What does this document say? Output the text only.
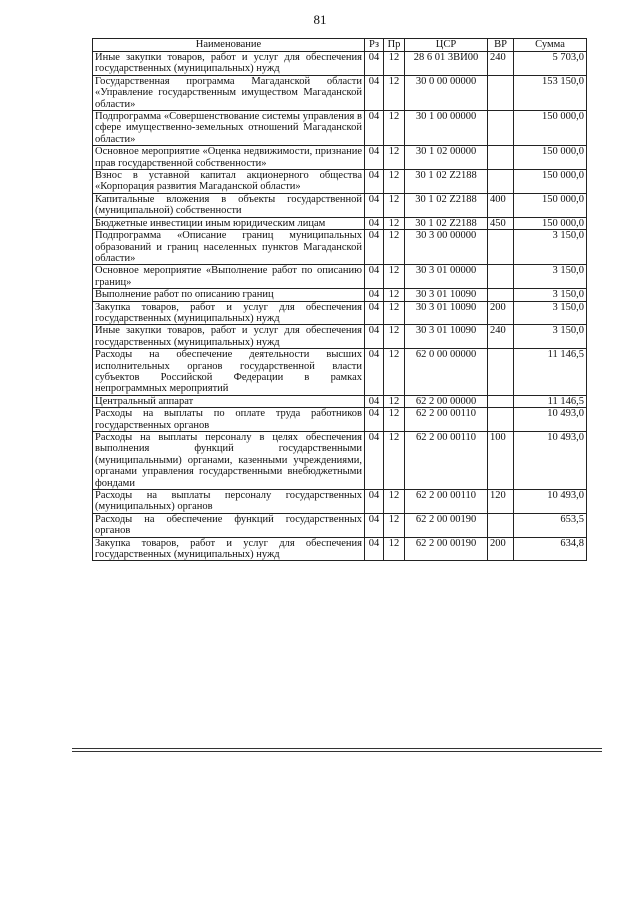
81
Наименование	Рз	Пр	ЦСР	ВР	Сумма
Иные закупки товаров, работ и услуг для обеспечения государственных (муниципальных) нужд	04	12	28 6 01 3ВИ00	240	5 703,0
Государственная программа Магаданской области «Управление государственным имуществом Магаданской области»	04	12	30 0 00 00000		153 150,0
Подпрограмма «Совершенствование системы управления в сфере имущественно-земельных отношений Магаданской области»	04	12	30 1 00 00000		150 000,0
Основное мероприятие «Оценка недвижимости, признание прав государственной собственности»	04	12	30 1 02 00000		150 000,0
Взнос в уставной капитал акционерного общества «Корпорация развития Магаданской области»	04	12	30 1 02 Z2188		150 000,0
Капитальные вложения в объекты государственной (муниципальной) собственности	04	12	30 1 02 Z2188	400	150 000,0
Бюджетные инвестиции иным юридическим лицам	04	12	30 1 02 Z2188	450	150 000,0
Подпрограмма «Описание границ муниципальных образований и границ населенных пунктов Магаданской области»	04	12	30 3 00 00000		3 150,0
Основное мероприятие «Выполнение работ по описанию границ»	04	12	30 3 01 00000		3 150,0
Выполнение работ по описанию границ	04	12	30 3 01 10090		3 150,0
Закупка товаров, работ и услуг для обеспечения государственных (муниципальных) нужд	04	12	30 3 01 10090	200	3 150,0
Иные закупки товаров, работ и услуг для обеспечения государственных (муниципальных) нужд	04	12	30 3 01 10090	240	3 150,0
Расходы на обеспечение деятельности высших исполнительных органов государственной власти субъектов Российской Федерации в рамках непрограммных мероприятий	04	12	62 0 00 00000		11 146,5
Центральный аппарат	04	12	62 2 00 00000		11 146,5
Расходы на выплаты по оплате труда работников государственных органов	04	12	62 2 00 00110		10 493,0
Расходы на выплаты персоналу в целях обеспечения выполнения функций государственными (муниципальными) органами, казенными учреждениями, органами управления государственными внебюджетными фондами	04	12	62 2 00 00110	100	10 493,0
Расходы на выплаты персоналу государственных (муниципальных) органов	04	12	62 2 00 00110	120	10 493,0
Расходы на обеспечение функций государственных органов	04	12	62 2 00 00190		653,5
Закупка товаров, работ и услуг для обеспечения государственных (муниципальных) нужд	04	12	62 2 00 00190	200	634,8
